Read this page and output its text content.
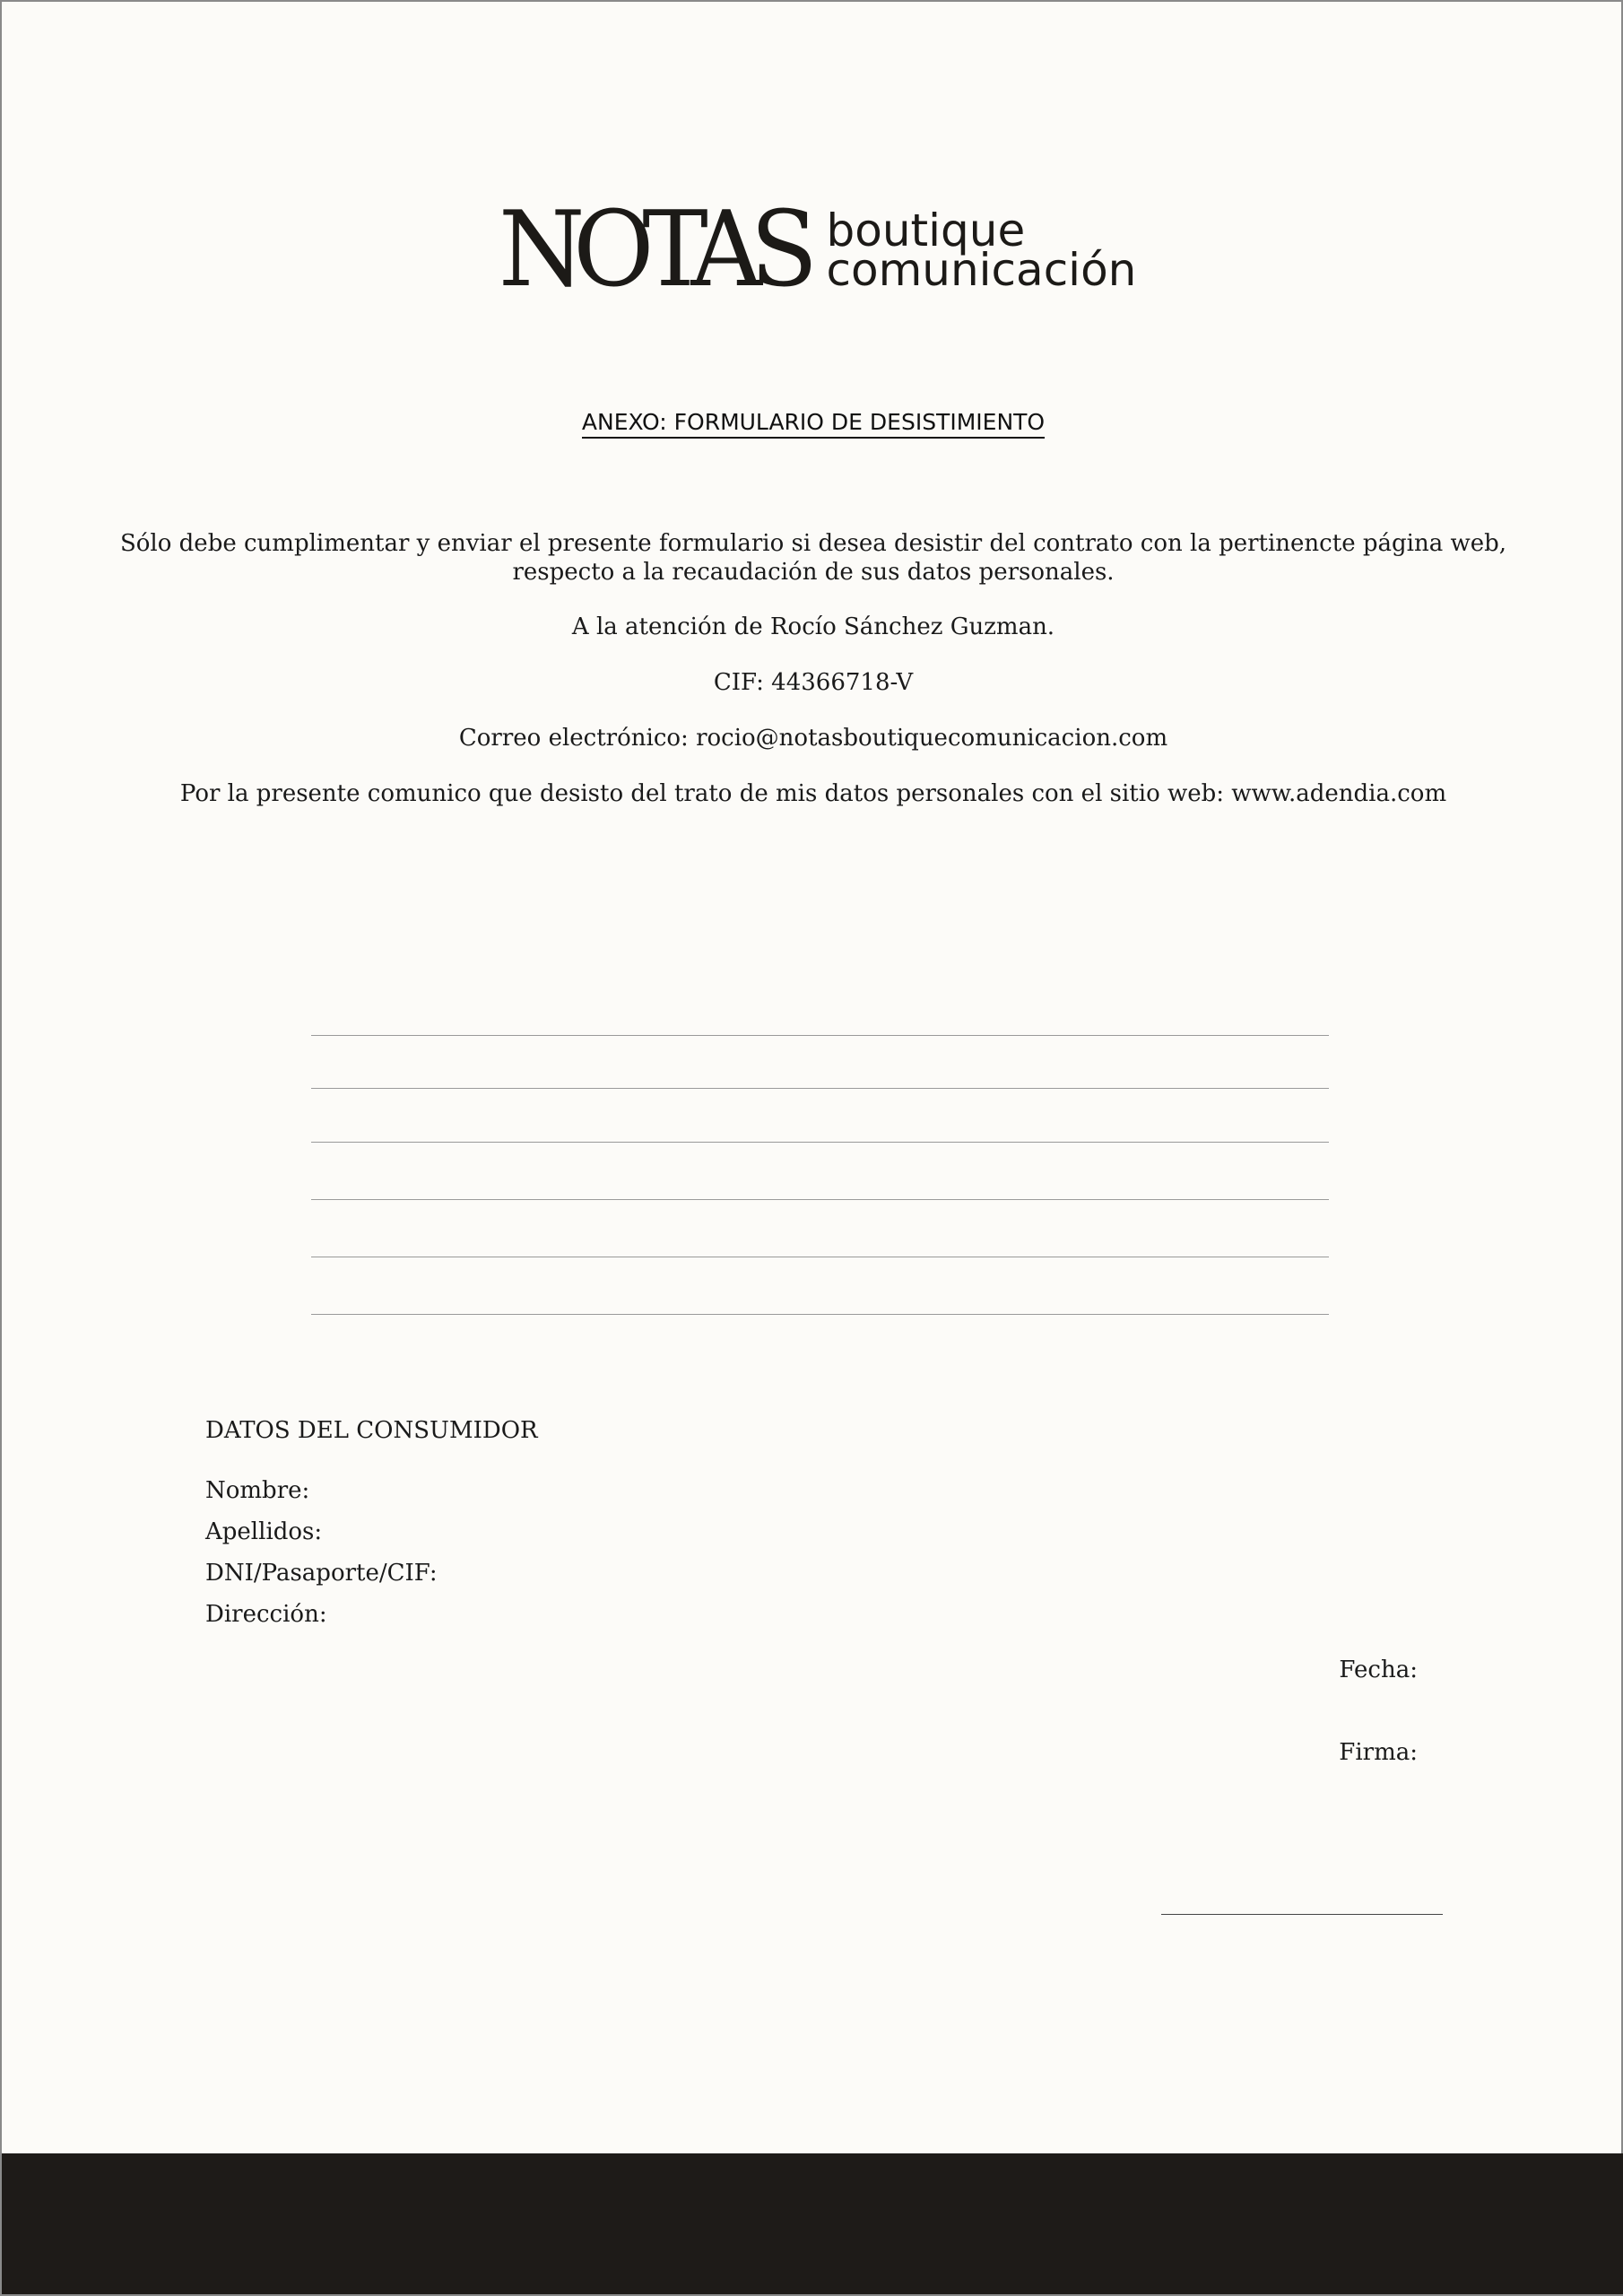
NOTAS boutique
comunicación
ANEXO: FORMULARIO DE DESISTIMIENTO
Sólo debe cumplimentar y enviar el presente formulario si desea desistir del contrato con la pertinencte página web,
respecto a la recaudación de sus datos personales.
A la atención de Rocío Sánchez Guzman.
CIF: 44366718-V
Correo electrónico: rocio@notasboutiquecomunicacion.com
Por la presente comunico que desisto del trato de mis datos personales con el sitio web: www.adendia.com
DATOS DEL CONSUMIDOR
Nombre:
Apellidos:
DNI/Pasaporte/CIF:
Dirección:
Fecha:
Firma:
